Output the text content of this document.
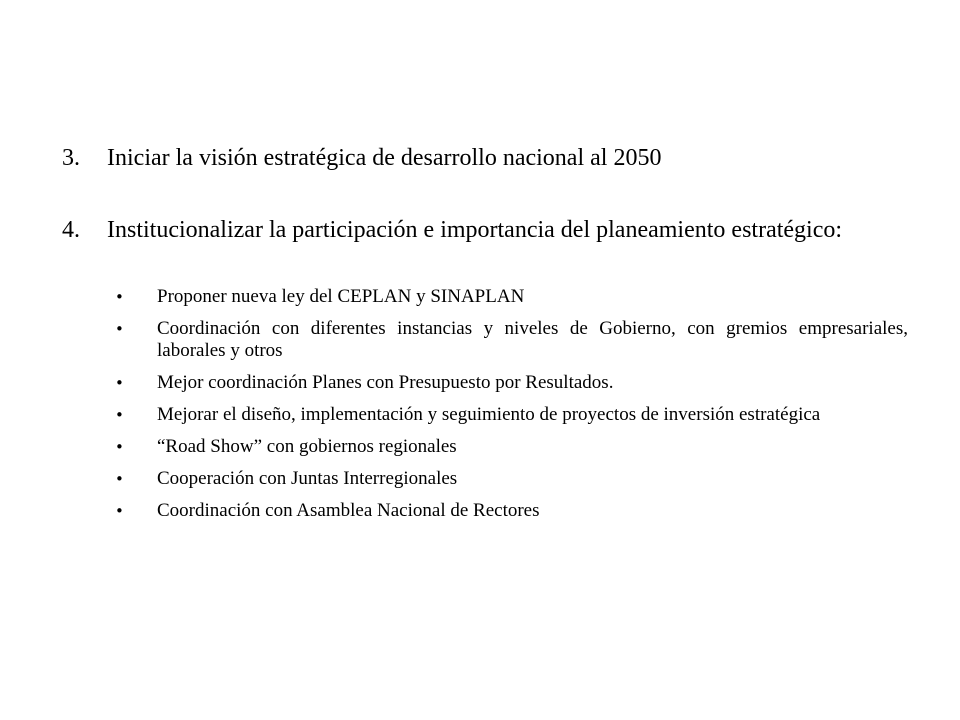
3.	Iniciar la visión estratégica de desarrollo nacional al 2050
4.	Institucionalizar la participación e importancia del planeamiento estratégico:
• Proponer nueva ley del CEPLAN y SINAPLAN
• Coordinación con diferentes instancias y niveles de Gobierno, con gremios empresariales, laborales y otros
• Mejor coordinación Planes con Presupuesto por Resultados.
• Mejorar el diseño, implementación y seguimiento de proyectos de inversión estratégica
• “Road Show” con gobiernos regionales
• Cooperación con Juntas Interregionales
• Coordinación con Asamblea Nacional de Rectores
